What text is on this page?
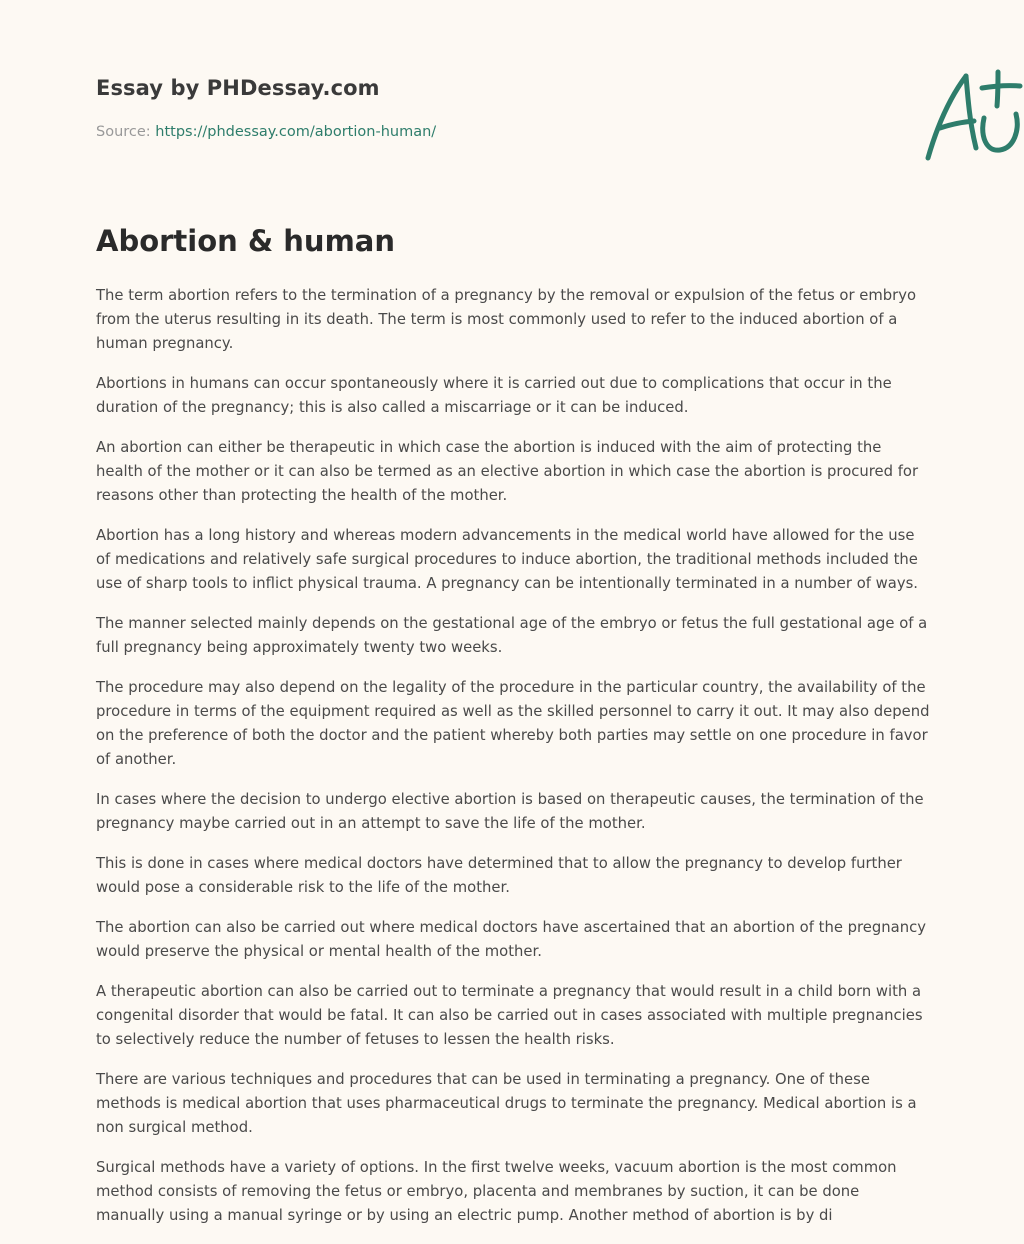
Essay by PHDessay.com
Source: https://phdessay.com/abortion-human/
Abortion & human

The term abortion refers to the termination of a pregnancy by the removal or expulsion of the fetus or embryo from the uterus resulting in its death. The term is most commonly used to refer to the induced abortion of a human pregnancy.

Abortions in humans can occur spontaneously where it is carried out due to complications that occur in the duration of the pregnancy; this is also called a miscarriage or it can be induced.

An abortion can either be therapeutic in which case the abortion is induced with the aim of protecting the health of the mother or it can also be termed as an elective abortion in which case the abortion is procured for reasons other than protecting the health of the mother.

Abortion has a long history and whereas modern advancements in the medical world have allowed for the use of medications and relatively safe surgical procedures to induce abortion, the traditional methods included the use of sharp tools to inflict physical trauma. A pregnancy can be intentionally terminated in a number of ways.

The manner selected mainly depends on the gestational age of the embryo or fetus the full gestational age of a full pregnancy being approximately twenty two weeks.

The procedure may also depend on the legality of the procedure in the particular country, the availability of the procedure in terms of the equipment required as well as the skilled personnel to carry it out. It may also depend on the preference of both the doctor and the patient whereby both parties may settle on one procedure in favor of another.

In cases where the decision to undergo elective abortion is based on therapeutic causes, the termination of the pregnancy maybe carried out in an attempt to save the life of the mother.

This is done in cases where medical doctors have determined that to allow the pregnancy to develop further would pose a considerable risk to the life of the mother.

The abortion can also be carried out where medical doctors have ascertained that an abortion of the pregnancy would preserve the physical or mental health of the mother.

A therapeutic abortion can also be carried out to terminate a pregnancy that would result in a child born with a congenital disorder that would be fatal. It can also be carried out in cases associated with multiple pregnancies to selectively reduce the number of fetuses to lessen the health risks.

There are various techniques and procedures that can be used in terminating a pregnancy. One of these methods is medical abortion that uses pharmaceutical drugs to terminate the pregnancy. Medical abortion is a non surgical method.

Surgical methods have a variety of options. In the first twelve weeks, vacuum abortion is the most common method consists of removing the fetus or embryo, placenta and membranes by suction, it can be done manually using a manual syringe or by using an electric pump. Another method of abortion is by di
